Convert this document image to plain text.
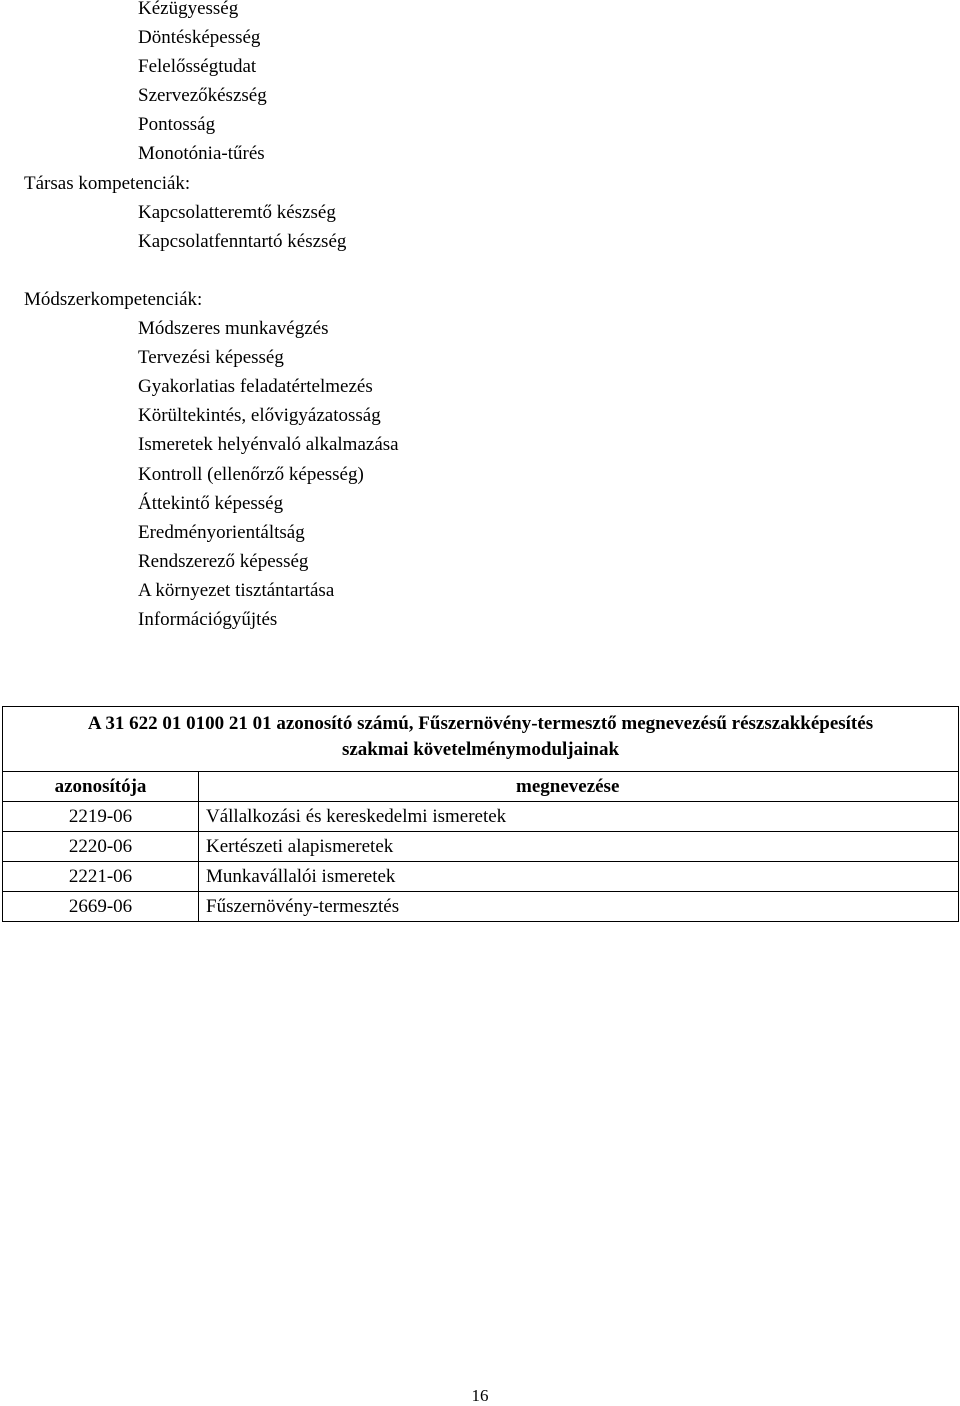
Kézügyesség
Döntésképesség
Felelősségtudat
Szervezőkészség
Pontosság
Monotónia-tűrés
Társas kompetenciák:
Kapcsolatteremtő készség
Kapcsolatfenntartó készség
Módszerkompetenciák:
Módszeres munkavégzés
Tervezési képesség
Gyakorlatias feladatértelmezés
Körültekintés, elővigyázatosság
Ismeretek helyénvaló alkalmazása
Kontroll (ellenőrző képesség)
Áttekintő képesség
Eredményorientáltság
Rendszerező képesség
A környezet tisztántartása
Információgyűjtés
A 31 622 01 0100 21 01 azonosító számú, Fűszernövény-termesztő megnevezésű részszakképesítés
szakmai követelménymoduljainak	

azonosítója	megnevezése
2219-06	Vállalkozási és kereskedelmi ismeretek
2220-06	Kertészeti alapismeretek
2221-06	Munkavállalói ismeretek
2669-06	Fűszernövény-termesztés
16
